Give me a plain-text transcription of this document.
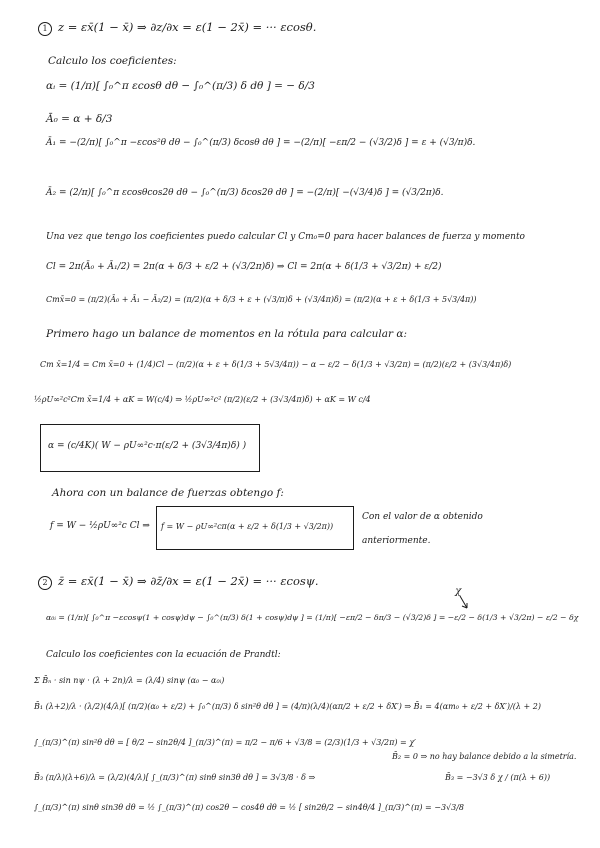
1 z = εx̄(1 − x̄) ⇒ ∂z/∂x = ε(1 − 2x̄) = ··· εcosθ.
Calculo los coeficientes:
αᵢ = (1/π)[ ∫₀^π εcosθ dθ − ∫₀^(π/3) δ dθ ] = − δ/3
Ā₀ = α + δ/3
Ā₁ = −(2/π)[ ∫₀^π −εcos²θ dθ − ∫₀^(π/3) δcosθ dθ ] = −(2/π)[ −επ/2 − (√3/2)δ ] = ε + (√3/π)δ.
Ā₂ = (2/π)[ ∫₀^π εcosθcos2θ dθ − ∫₀^(π/3) δcos2θ dθ ] = −(2/π)[ −(√3/4)δ ] = (√3/2π)δ.
Una vez que tengo los coeficientes puedo calcular Cl y Cm₀=0 para hacer balances de fuerza y momento
Cl = 2π(Ā₀ + Ā₁/2) = 2π(α + δ/3 + ε/2 + (√3/2π)δ) ⇒ Cl = 2π(α + δ(1/3 + √3/2π) + ε/2)
Cmx̄=0 = (π/2)(Ā₀ + Ā₁ − Ā₂/2) = (π/2)(α + δ/3 + ε + (√3/π)δ + (√3/4π)δ) = (π/2)(α + ε + δ(1/3 + 5√3/4π))
Primero hago un balance de momentos en la rótula para calcular α:
Cm x̄=1/4 = Cm x̄=0 + (1/4)Cl − (π/2)(α + ε + δ(1/3 + 5√3/4π)) − α − ε/2 − δ(1/3 + √3/2π) = (π/2)(ε/2 + (3√3/4π)δ)
½ρU∞²c²Cm x̄=1/4 + αK = W(c/4) ⇒ ½ρU∞²c² (π/2)(ε/2 + (3√3/4π)δ) + αK = W c/4
α = (c/4K)( W − ρU∞²c·π(ε/2 + (3√3/4π)δ) )
Ahora con un balance de fuerzas obtengo f:
f = W − ½ρU∞²c Cl ⇒ f = W − ρU∞²cπ(α + ε/2 + δ(1/3 + √3/2π))
Con el valor de α obtenido
anteriormente.
2 z̄ = εx̄(1 − x̄) ⇒ ∂z̄/∂x = ε(1 − 2x̄) = ··· εcosψ.
χ
α₀ᵢ = (1/π)[ ∫₀^π −εcosψ(1 + cosψ)dψ − ∫₀^(π/3) δ(1 + cosψ)dψ ] = (1/π)[ −επ/2 − δπ/3 − (√3/2)δ ] = −ε/2 − δ(1/3 + √3/2π) − ε/2 − δχ
Calculo los coeficientes con la ecuación de Prandtl:
Σ B̄ₙ · sin nψ · (λ + 2n)/λ = (λ/4) sinψ (α₀ − α₀ᵢ)
B̄₁ (λ+2)/λ · (λ/2)(4/λ)[ (π/2)(α₀ + ε/2) + ∫₀^(π/3) δ sin²θ dθ ] = (4/π)(λ/4)(απ/2 + ε/2 + δX′) ⇒ B̄₁ = 4(αm₀ + ε/2 + δX′)/(λ + 2)
∫_(π/3)^(π) sin²θ dθ = [ θ/2 − sin2θ/4 ]_(π/3)^(π) = π/2 − π/6 + √3/8 = (2/3)(1/3 + √3/2π) = χ′
B̄₂ = 0 ⇒ no hay balance debido a la simetría.
B̄₃ (π/λ)(λ+6)/λ = (λ/2)(4/λ)[ ∫_(π/3)^(π) sinθ sin3θ dθ ] = 3√3/8 · δ ⇒	B̄₃ = −3√3 δ χ / (π(λ + 6))
∫_(π/3)^(π) sinθ sin3θ dθ = ½ ∫_(π/3)^(π) cos2θ − cos4θ dθ = ½ [ sin2θ/2 − sin4θ/4 ]_(π/3)^(π) = −3√3/8
